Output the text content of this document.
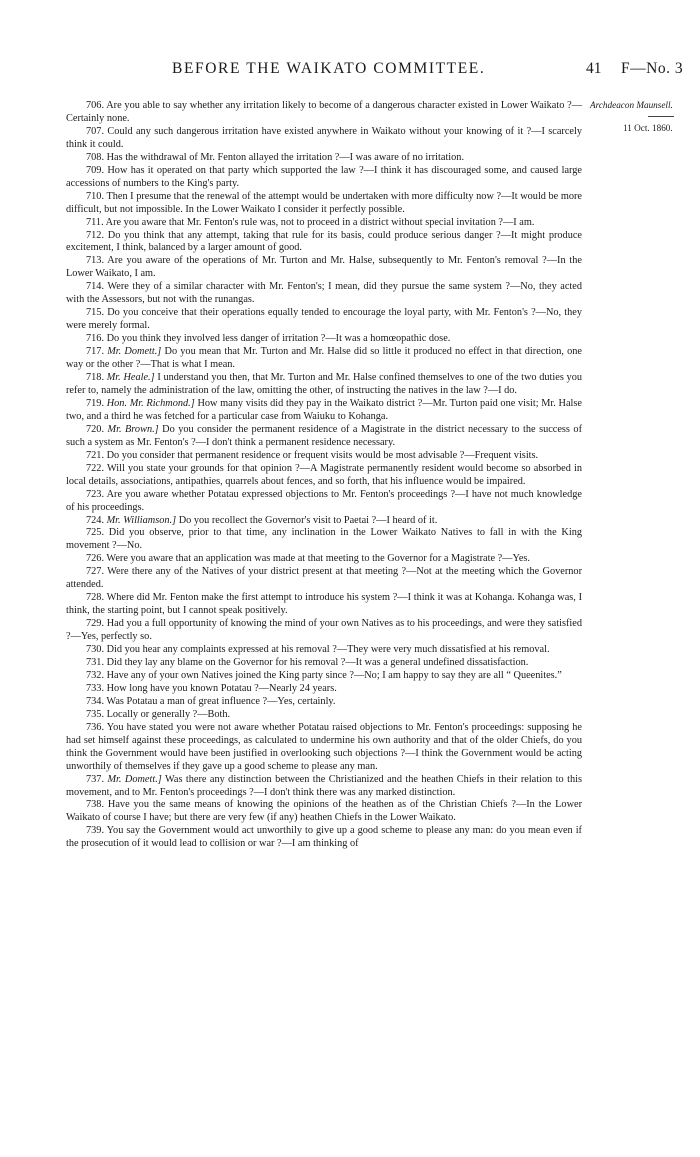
BEFORE THE WAIKATO COMMITTEE.	41 F—No. 3
Archdeacon Maunsell.
11 Oct. 1860.

706. Are you able to say whether any irritation likely to become of a dangerous character existed in Lower Waikato ?—Certainly none.

707. Could any such dangerous irritation have existed anywhere in Waikato without your knowing of it ?—I scarcely think it could.

708. Has the withdrawal of Mr. Fenton allayed the irritation ?—I was aware of no irritation.

709. How has it operated on that party which supported the law ?—I think it has discouraged some, and caused large accessions of numbers to the King's party.

710. Then I presume that the renewal of the attempt would be undertaken with more difficulty now ?—It would be more difficult, but not impossible. In the Lower Waikato I consider it perfectly possible.

711. Are you aware that Mr. Fenton's rule was, not to proceed in a district without special invitation ?—I am.

712. Do you think that any attempt, taking that rule for its basis, could produce serious danger ?—It might produce excitement, I think, balanced by a larger amount of good.

713. Are you aware of the operations of Mr. Turton and Mr. Halse, subsequently to Mr. Fenton's removal ?—In the Lower Waikato, I am.

714. Were they of a similar character with Mr. Fenton's; I mean, did they pursue the same system ?—No, they acted with the Assessors, but not with the runangas.

715. Do you conceive that their operations equally tended to encourage the loyal party, with Mr. Fenton's ?—No, they were merely formal.

716. Do you think they involved less danger of irritation ?—It was a homœopathic dose.

717. Mr. Domett.] Do you mean that Mr. Turton and Mr. Halse did so little it produced no effect in that direction, one way or the other ?—That is what I mean.

718. Mr. Heale.] I understand you then, that Mr. Turton and Mr. Halse confined themselves to one of the two duties you refer to, namely the administration of the law, omitting the other, of instructing the natives in the law ?—I do.

719. Hon. Mr. Richmond.] How many visits did they pay in the Waikato district ?—Mr. Turton paid one visit; Mr. Halse two, and a third he was fetched for a particular case from Waiuku to Kohanga.

720. Mr. Brown.] Do you consider the permanent residence of a Magistrate in the district necessary to the success of such a system as Mr. Fenton's ?—I don't think a permanent residence necessary.

721. Do you consider that permanent residence or frequent visits would be most advisable ?—Frequent visits.

722. Will you state your grounds for that opinion ?—A Magistrate permanently resident would become so absorbed in local details, associations, antipathies, quarrels about fences, and so forth, that his influence would be impaired.

723. Are you aware whether Potatau expressed objections to Mr. Fenton's proceedings ?—I have not much knowledge of his proceedings.

724. Mr. Williamson.] Do you recollect the Governor's visit to Paetai ?—I heard of it.

725. Did you observe, prior to that time, any inclination in the Lower Waikato Natives to fall in with the King movement ?—No.

726. Were you aware that an application was made at that meeting to the Governor for a Magistrate ?—Yes.

727. Were there any of the Natives of your district present at that meeting ?—Not at the meeting which the Governor attended.

728. Where did Mr. Fenton make the first attempt to introduce his system ?—I think it was at Kohanga. Kohanga was, I think, the starting point, but I cannot speak positively.

729. Had you a full opportunity of knowing the mind of your own Natives as to his proceedings, and were they satisfied ?—Yes, perfectly so.

730. Did you hear any complaints expressed at his removal ?—They were very much dissatisfied at his removal.

731. Did they lay any blame on the Governor for his removal ?—It was a general undefined dissatisfaction.

732. Have any of your own Natives joined the King party since ?—No; I am happy to say they are all “ Queenites.”

733. How long have you known Potatau ?—Nearly 24 years.

734. Was Potatau a man of great influence ?—Yes, certainly.

735. Locally or generally ?—Both.

736. You have stated you were not aware whether Potatau raised objections to Mr. Fenton's proceedings: supposing he had set himself against these proceedings, as calculated to undermine his own authority and that of the older Chiefs, do you think the Government would have been justified in overlooking such objections ?—I think the Government would be acting unworthily of themselves if they gave up a good scheme to please any man.

737. Mr. Domett.] Was there any distinction between the Christianized and the heathen Chiefs in their relation to this movement, and to Mr. Fenton's proceedings ?—I don't think there was any marked distinction.

738. Have you the same means of knowing the opinions of the heathen as of the Christian Chiefs ?—In the Lower Waikato of course I have; but there are very few (if any) heathen Chiefs in the Lower Waikato.

739. You say the Government would act unworthily to give up a good scheme to please any man: do you mean even if the prosecution of it would lead to collision or war ?—I am thinking of
